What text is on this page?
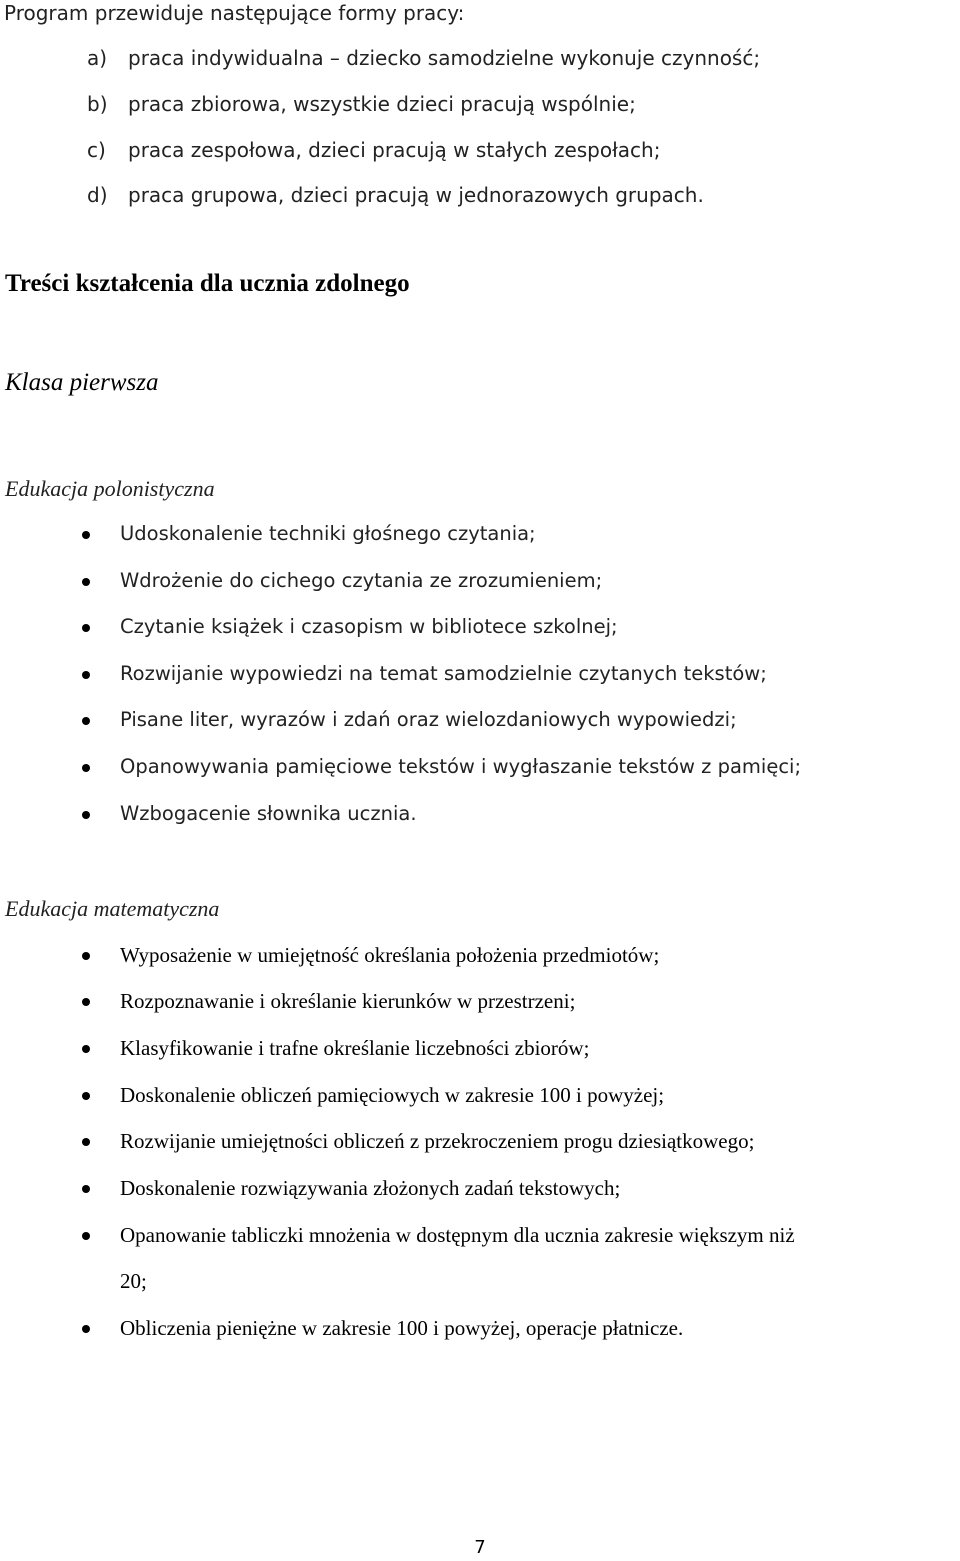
Program przewiduje następujące formy pracy:
a) praca indywidualna – dziecko samodzielne wykonuje czynność;
b) praca zbiorowa, wszystkie dzieci pracują wspólnie;
c) praca zespołowa, dzieci pracują w stałych zespołach;
d) praca grupowa, dzieci pracują w jednorazowych grupach.
Treści kształcenia dla ucznia zdolnego
Klasa pierwsza
Edukacja polonistyczna
Udoskonalenie techniki głośnego czytania;
Wdrożenie do cichego czytania ze zrozumieniem;
Czytanie książek i czasopism w bibliotece szkolnej;
Rozwijanie wypowiedzi na temat samodzielnie czytanych tekstów;
Pisane liter, wyrazów i zdań oraz wielozdaniowych wypowiedzi;
Opanowywania pamięciowe tekstów i wygłaszanie tekstów z pamięci;
Wzbogacenie słownika ucznia.
Edukacja matematyczna
Wyposażenie w umiejętność określania położenia przedmiotów;
Rozpoznawanie i określanie kierunków w przestrzeni;
Klasyfikowanie i trafne określanie liczebności zbiorów;
Doskonalenie obliczeń pamięciowych w zakresie 100 i powyżej;
Rozwijanie umiejętności obliczeń z przekroczeniem progu dziesiątkowego;
Doskonalenie rozwiązywania złożonych zadań tekstowych;
Opanowanie tabliczki mnożenia w dostępnym dla ucznia zakresie większym niż
20;
Obliczenia pieniężne w zakresie 100 i powyżej, operacje płatnicze.
7
